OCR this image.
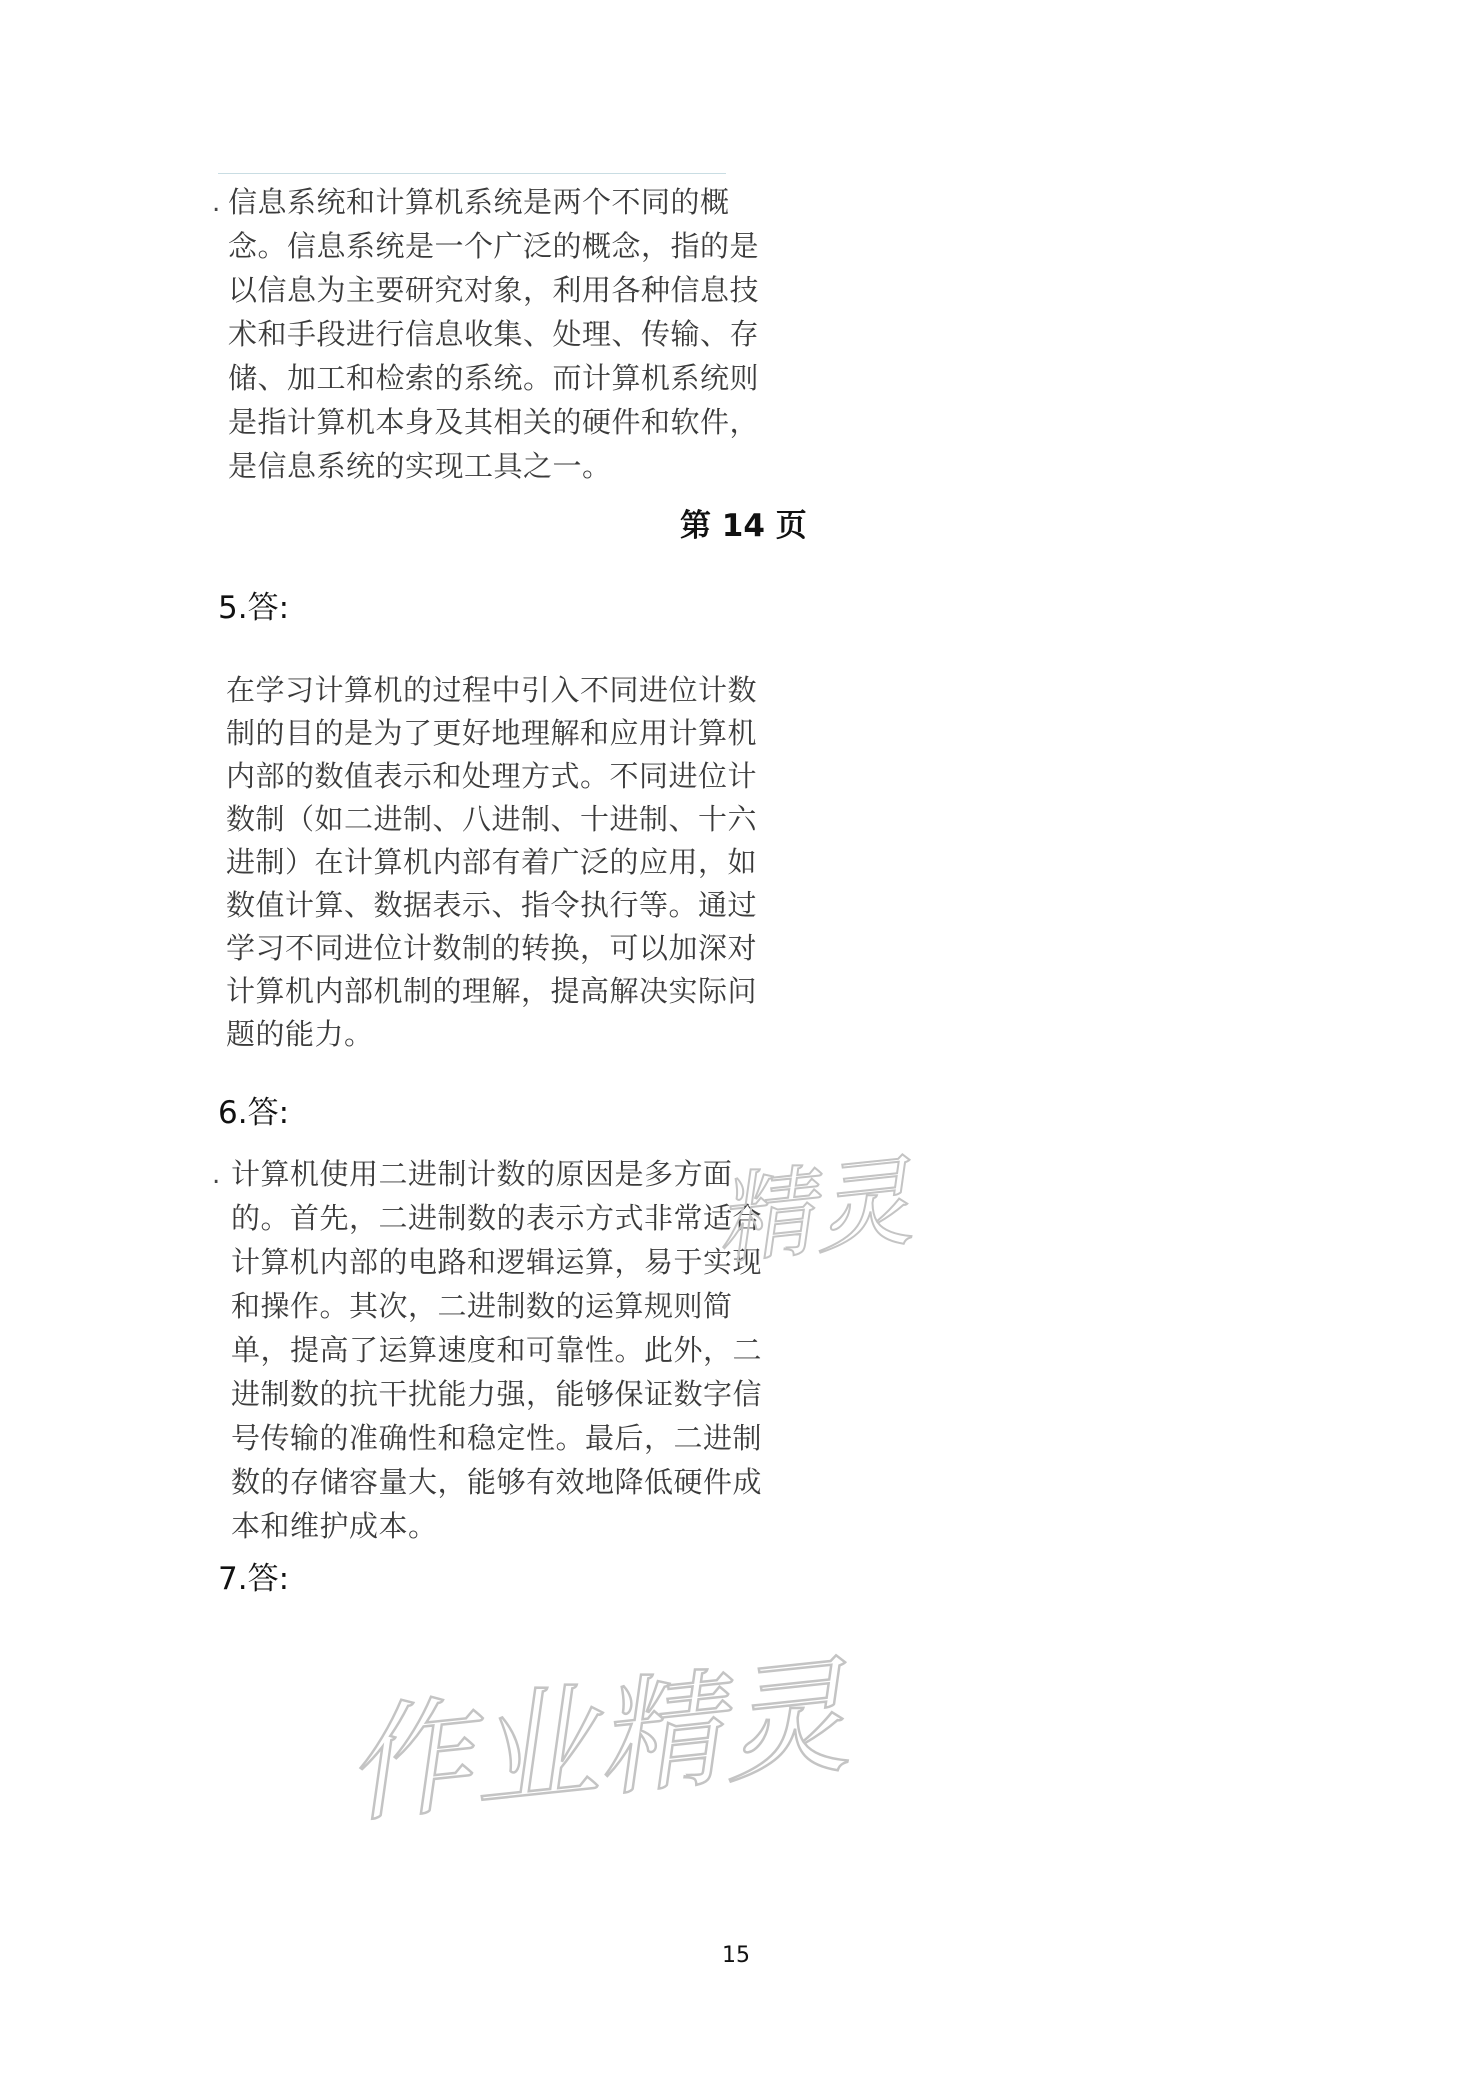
. 信息系统和计算机系统是两个不同的概

念。信息系统是一个广泛的概念，指的是

以信息为主要研究对象，利用各种信息技

术和手段进行信息收集、处理、传输、存

储、加工和检索的系统。而计算机系统则

是指计算机本身及其相关的硬件和软件，

是信息系统的实现工具之一。

第 14 页

5.答:

在学习计算机的过程中引入不同进位计数

制的目的是为了更好地理解和应用计算机

内部的数值表示和处理方式。不同进位计

数制（如二进制、八进制、十进制、十六

进制）在计算机内部有着广泛的应用，如

数值计算、数据表示、指令执行等。通过

学习不同进位计数制的转换，可以加深对

计算机内部机制的理解，提高解决实际问

题的能力。

6.答:

. 计算机使用二进制计数的原因是多方面

的。首先，二进制数的表示方式非常适合

计算机内部的电路和逻辑运算，易于实现

和操作。其次，二进制数的运算规则简

单，提高了运算速度和可靠性。此外，二

进制数的抗干扰能力强，能够保证数字信

号传输的准确性和稳定性。最后，二进制

数的存储容量大，能够有效地降低硬件成

本和维护成本。

7.答:

精灵
作业精灵
15
